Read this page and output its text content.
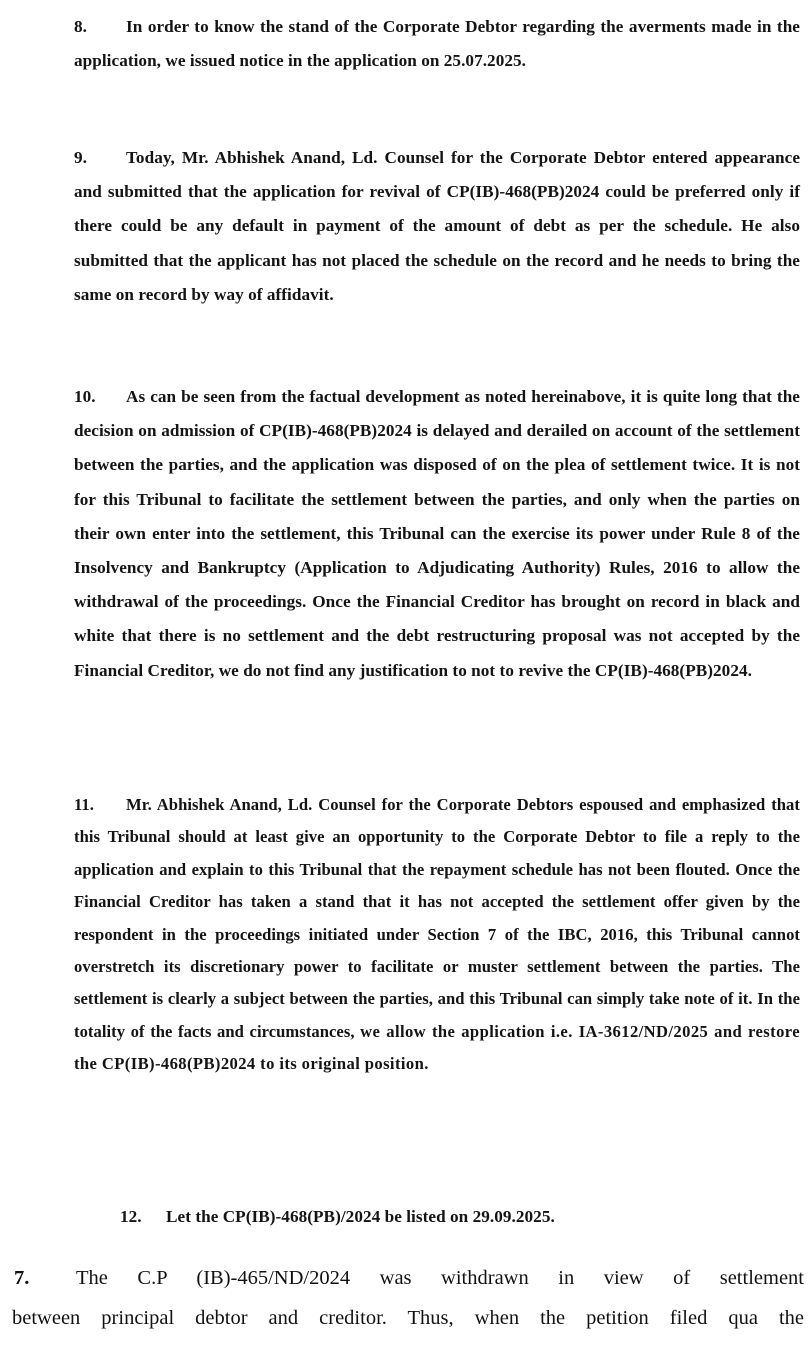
8. In order to know the stand of the Corporate Debtor regarding the averments made in the application, we issued notice in the application on 25.07.2025.
9. Today, Mr. Abhishek Anand, Ld. Counsel for the Corporate Debtor entered appearance and submitted that the application for revival of CP(IB)-468(PB)2024 could be preferred only if there could be any default in payment of the amount of debt as per the schedule. He also submitted that the applicant has not placed the schedule on the record and he needs to bring the same on record by way of affidavit.
10. As can be seen from the factual development as noted hereinabove, it is quite long that the decision on admission of CP(IB)-468(PB)2024 is delayed and derailed on account of the settlement between the parties, and the application was disposed of on the plea of settlement twice. It is not for this Tribunal to facilitate the settlement between the parties, and only when the parties on their own enter into the settlement, this Tribunal can the exercise its power under Rule 8 of the Insolvency and Bankruptcy (Application to Adjudicating Authority) Rules, 2016 to allow the withdrawal of the proceedings. Once the Financial Creditor has brought on record in black and white that there is no settlement and the debt restructuring proposal was not accepted by the Financial Creditor, we do not find any justification to not to revive the CP(IB)-468(PB)2024.
11. Mr. Abhishek Anand, Ld. Counsel for the Corporate Debtors espoused and emphasized that this Tribunal should at least give an opportunity to the Corporate Debtor to file a reply to the application and explain to this Tribunal that the repayment schedule has not been flouted. Once the Financial Creditor has taken a stand that it has not accepted the settlement offer given by the respondent in the proceedings initiated under Section 7 of the IBC, 2016, this Tribunal cannot overstretch its discretionary power to facilitate or muster settlement between the parties. The settlement is clearly a subject between the parties, and this Tribunal can simply take note of it. In the totality of the facts and circumstances, we allow the application i.e. IA-3612/ND/2025 and restore the CP(IB)-468(PB)2024 to its original position.
12. Let the CP(IB)-468(PB)/2024 be listed on 29.09.2025.
7. The C.P (IB)-465/ND/2024 was withdrawn in view of settlement
between principal debtor and creditor. Thus, when the petition filed qua the
